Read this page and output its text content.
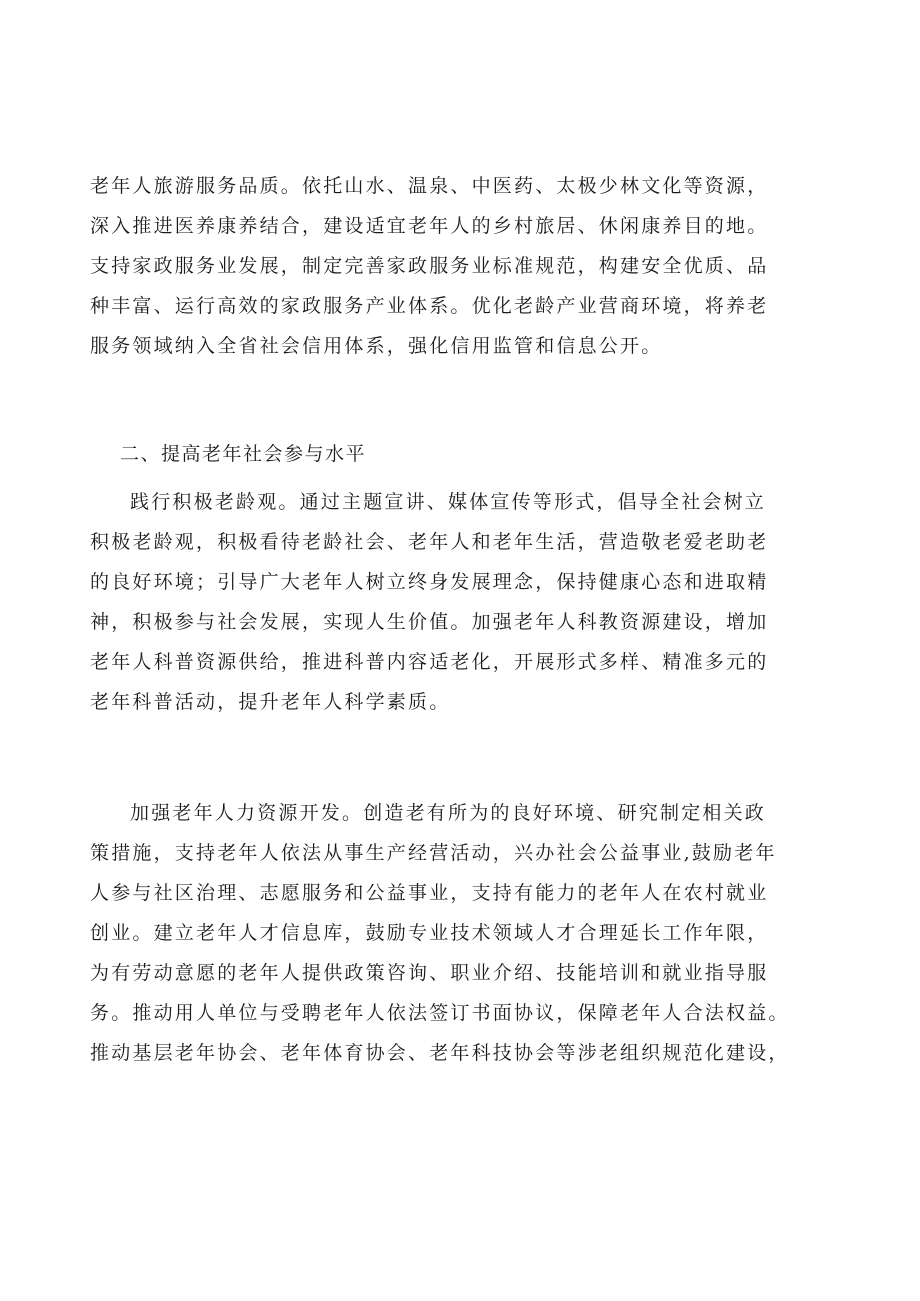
老年人旅游服务品质。依托山水、温泉、中医药、太极少林文化等资源，
深入推进医养康养结合，建设适宜老年人的乡村旅居、休闲康养目的地。
支持家政服务业发展，制定完善家政服务业标准规范，构建安全优质、品
种丰富、运行高效的家政服务产业体系。优化老龄产业营商环境，将养老
服务领域纳入全省社会信用体系，强化信用监管和信息公开。
二、提高老年社会参与水平
践行积极老龄观。通过主题宣讲、媒体宣传等形式，倡导全社会树立
积极老龄观，积极看待老龄社会、老年人和老年生活，营造敬老爱老助老
的良好环境；引导广大老年人树立终身发展理念，保持健康心态和进取精
神，积极参与社会发展，实现人生价值。加强老年人科教资源建设，增加
老年人科普资源供给，推进科普内容适老化，开展形式多样、精准多元的
老年科普活动，提升老年人科学素质。
加强老年人力资源开发。创造老有所为的良好环境、研究制定相关政
策措施，支持老年人依法从事生产经营活动，兴办社会公益事业,鼓励老年
人参与社区治理、志愿服务和公益事业，支持有能力的老年人在农村就业
创业。建立老年人才信息库，鼓励专业技术领域人才合理延长工作年限，
为有劳动意愿的老年人提供政策咨询、职业介绍、技能培训和就业指导服
务。推动用人单位与受聘老年人依法签订书面协议，保障老年人合法权益。
推动基层老年协会、老年体育协会、老年科技协会等涉老组织规范化建设，
